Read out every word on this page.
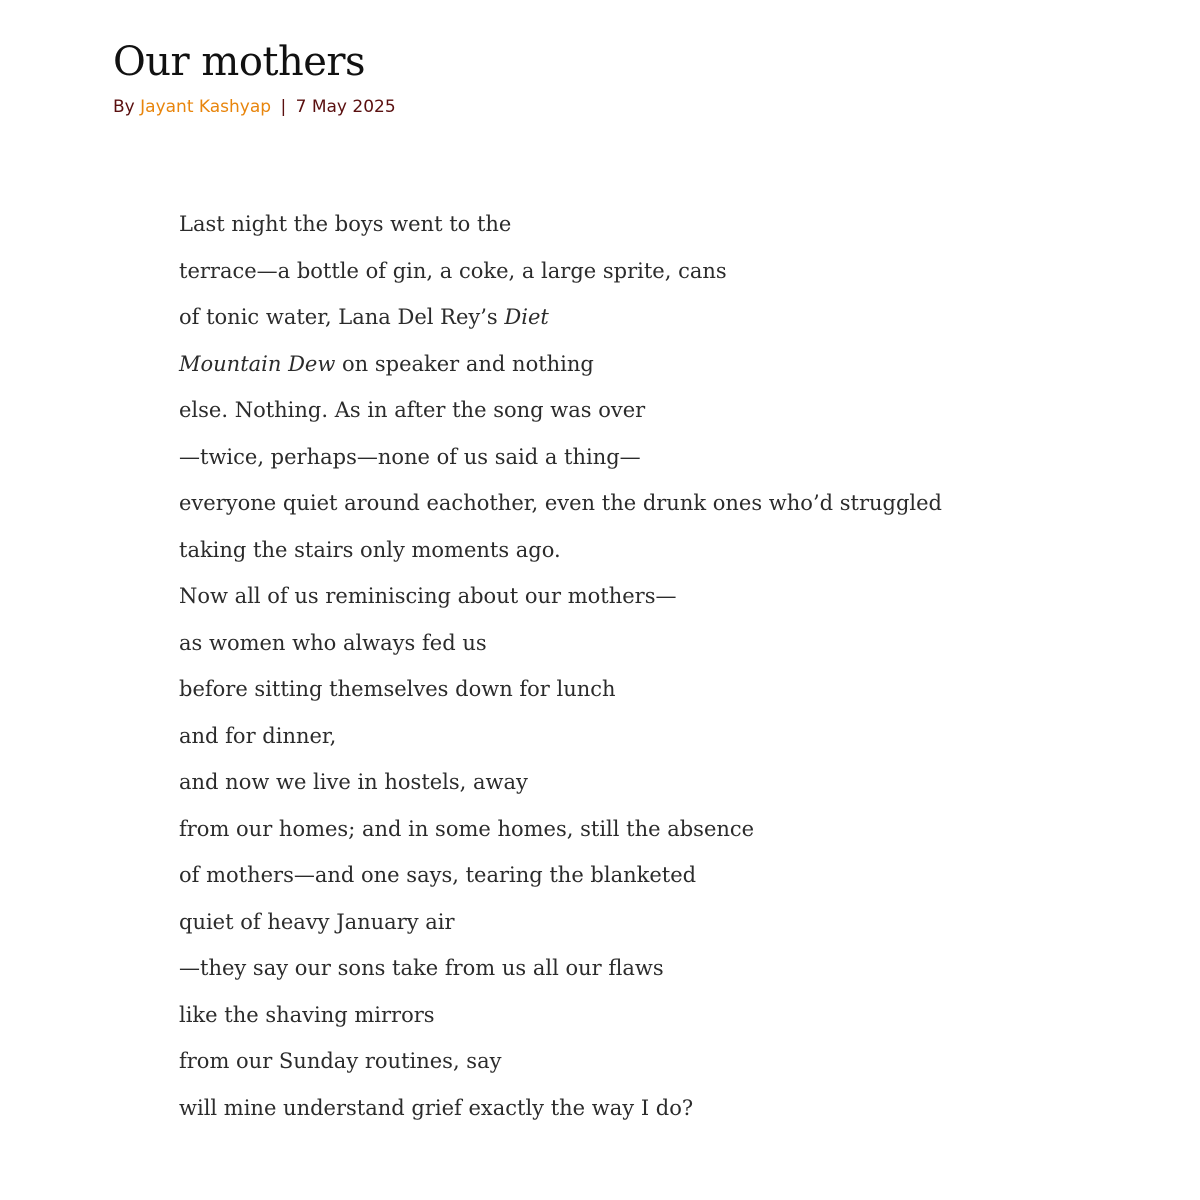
Our mothers
By Jayant Kashyap | 7 May 2025
Last night the boys went to the
terrace—a bottle of gin, a coke, a large sprite, cans
of tonic water, Lana Del Rey’s Diet
Mountain Dew on speaker and nothing
else. Nothing. As in after the song was over
—twice, perhaps—none of us said a thing—
everyone quiet around eachother, even the drunk ones who’d struggled
taking the stairs only moments ago.
Now all of us reminiscing about our mothers—
as women who always fed us
before sitting themselves down for lunch
and for dinner,
and now we live in hostels, away
from our homes; and in some homes, still the absence
of mothers—and one says, tearing the blanketed
quiet of heavy January air
—they say our sons take from us all our flaws
like the shaving mirrors
from our Sunday routines, say
will mine understand grief exactly the way I do?
